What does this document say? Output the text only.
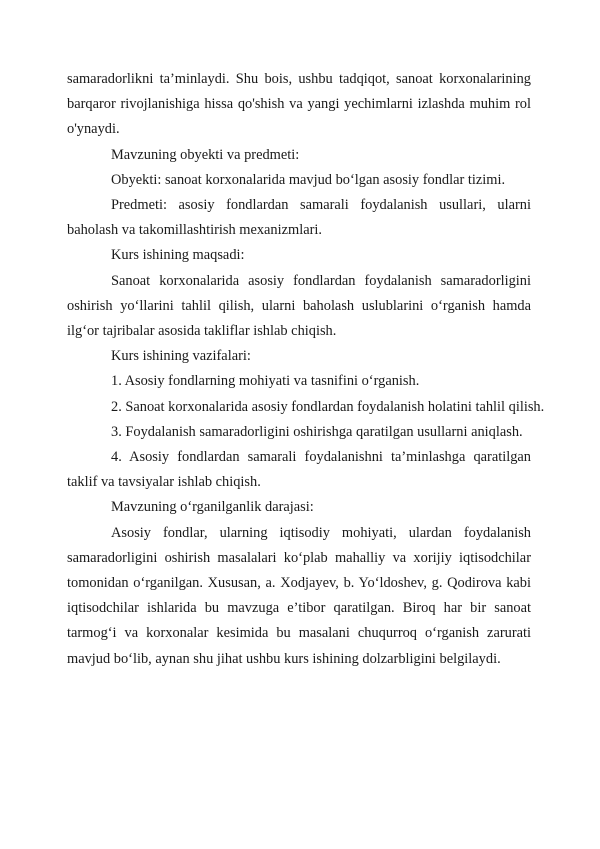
samaradorlikni ta’minlaydi. Shu bois, ushbu tadqiqot, sanoat korxonalarining barqaror rivojlanishiga hissa qo'shish va yangi yechimlarni izlashda muhim rol o'ynaydi.

Mavzuning obyekti va predmeti:

Obyekti: sanoat korxonalarida mavjud bo‘lgan asosiy fondlar tizimi.

Predmeti: asosiy fondlardan samarali foydalanish usullari, ularni baholash va takomillashtirish mexanizmlari.

Kurs ishining maqsadi:

Sanoat korxonalarida asosiy fondlardan foydalanish samaradorligini oshirish yo‘llarini tahlil qilish, ularni baholash uslublarini o‘rganish hamda ilg‘or tajribalar asosida takliflar ishlab chiqish.

Kurs ishining vazifalari:

1. Asosiy fondlarning mohiyati va tasnifini o‘rganish.

2. Sanoat korxonalarida asosiy fondlardan foydalanish holatini tahlil qilish.

3. Foydalanish samaradorligini oshirishga qaratilgan usullarni aniqlash.

4. Asosiy fondlardan samarali foydalanishni ta’minlashga qaratilgan taklif va tavsiyalar ishlab chiqish.

Mavzuning o‘rganilganlik darajasi:

Asosiy fondlar, ularning iqtisodiy mohiyati, ulardan foydalanish samaradorligini oshirish masalalari ko‘plab mahalliy va xorijiy iqtisodchilar tomonidan o‘rganilgan. Xususan, a. Xodjayev, b. Yo‘ldoshev, g. Qodirova kabi iqtisodchilar ishlarida bu mavzuga e’tibor qaratilgan. Biroq har bir sanoat tarmog‘i va korxonalar kesimida bu masalani chuqurroq o‘rganish zarurati mavjud bo‘lib, aynan shu jihat ushbu kurs ishining dolzarbligini belgilaydi.
